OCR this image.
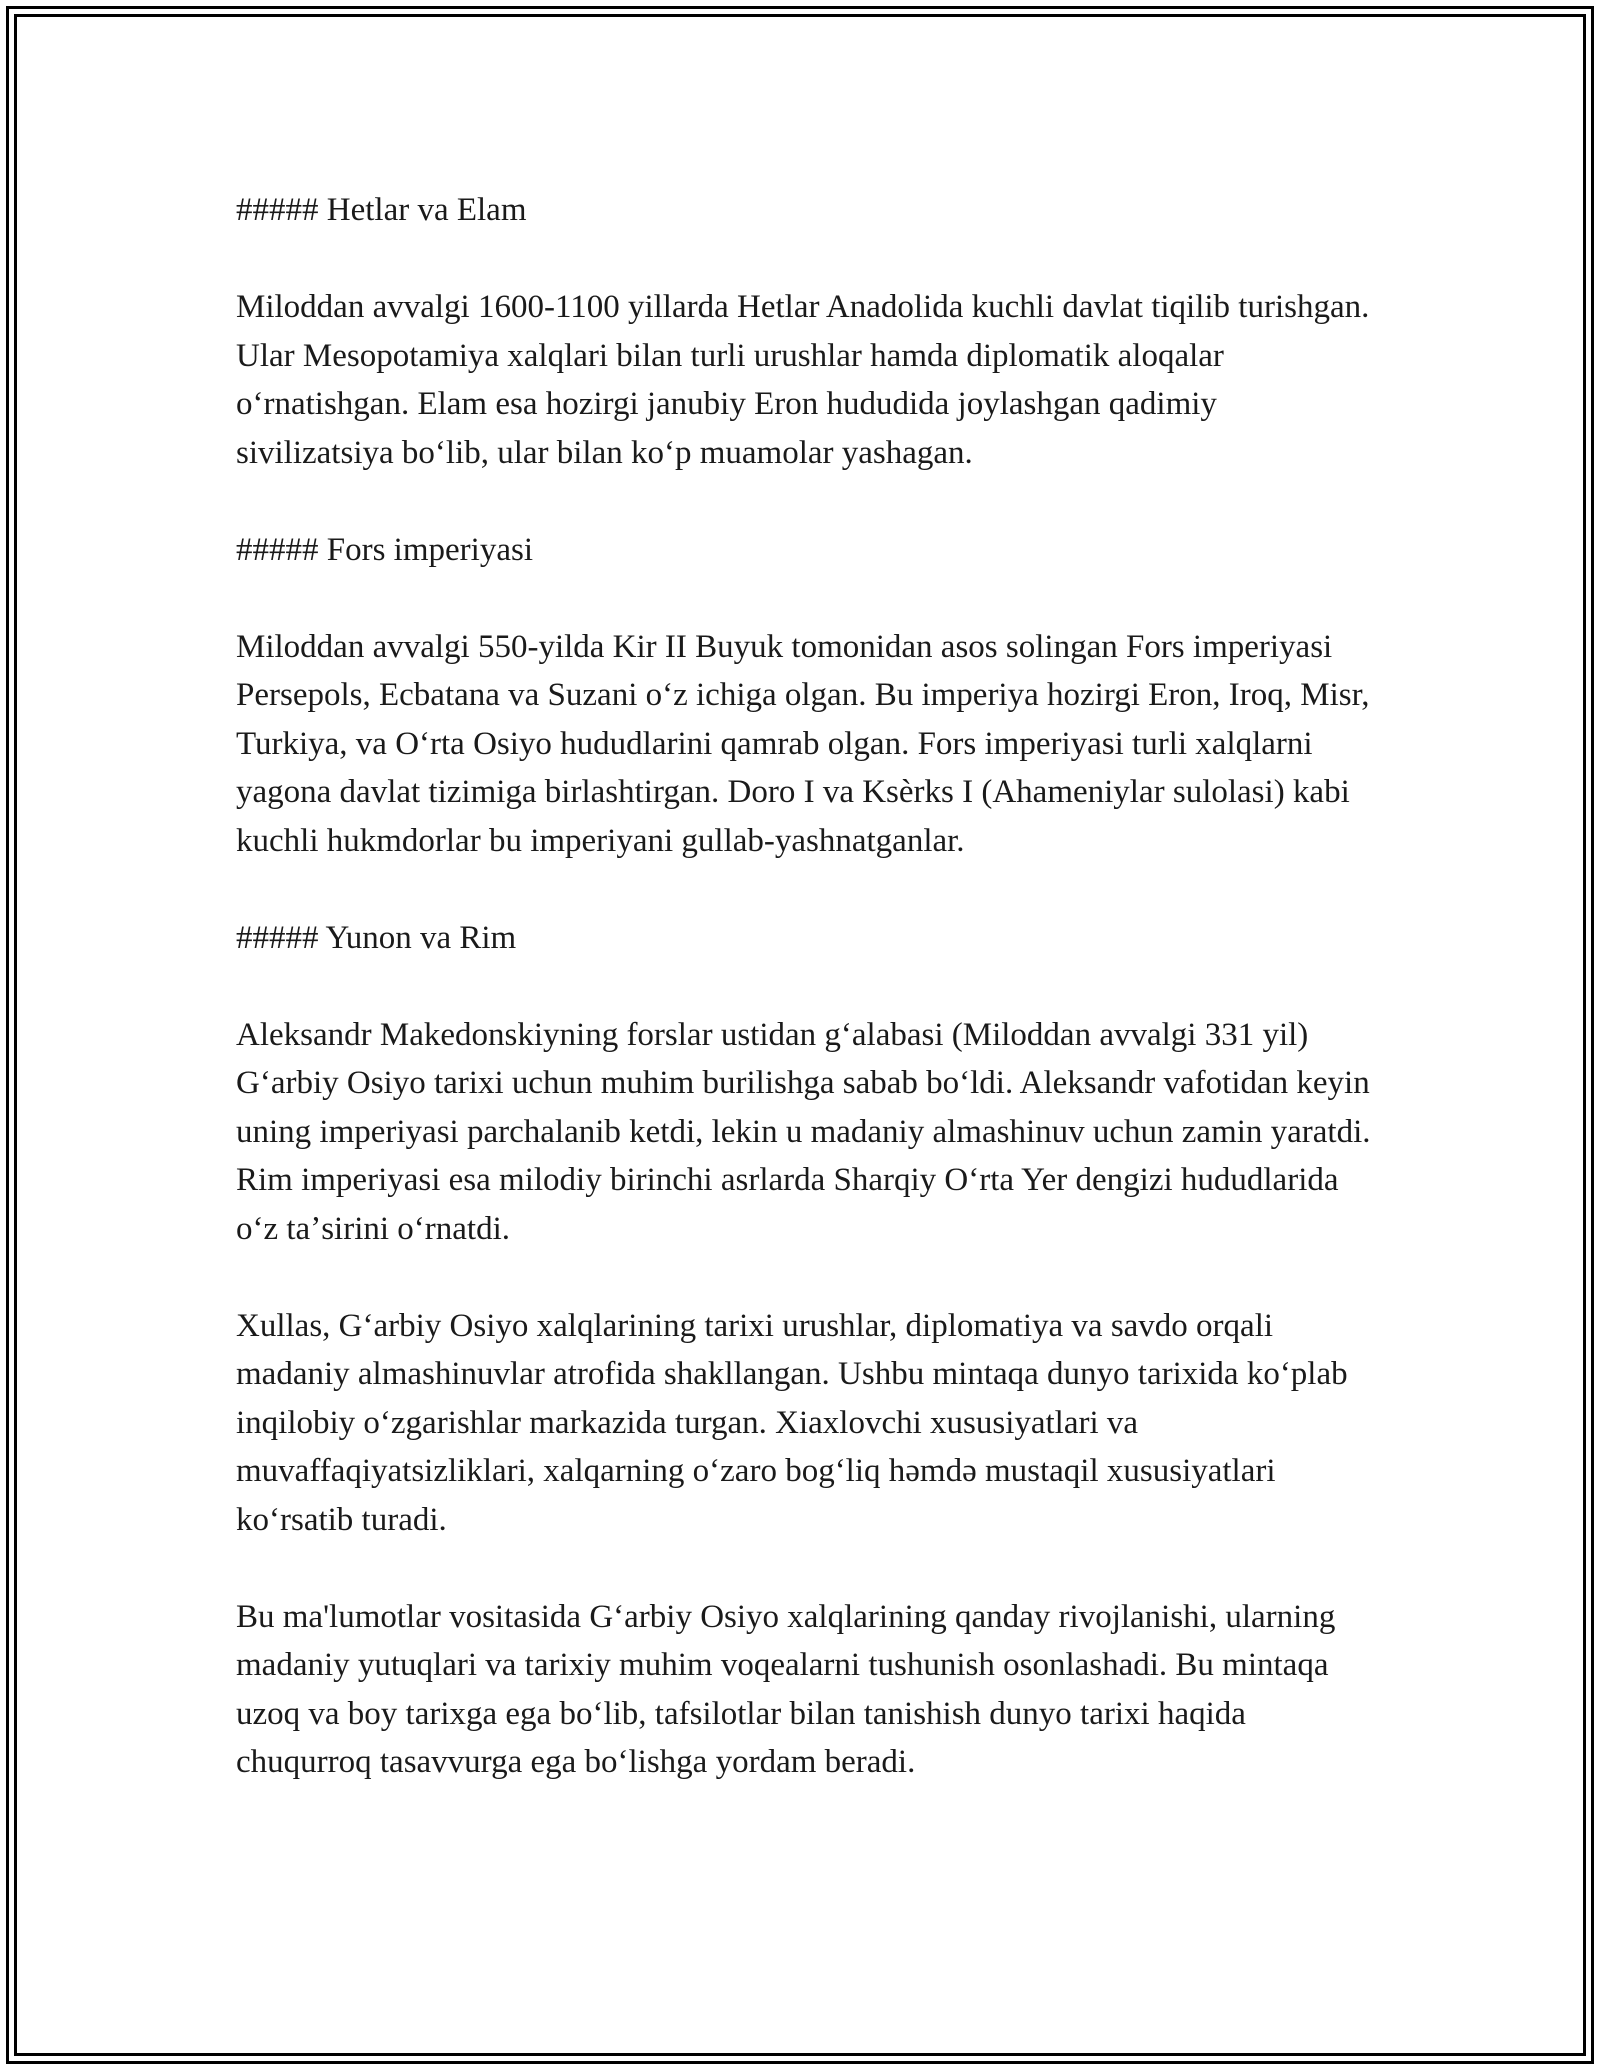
##### Hetlar va Elam

Miloddan avvalgi 1600-1100 yillarda Hetlar Anadolida kuchli davlat tiqilib turishgan. Ular Mesopotamiya xalqlari bilan turli urushlar hamda diplomatik aloqalar oʻrnatishgan. Elam esa hozirgi janubiy Eron hududida joylashgan qadimiy sivilizatsiya boʻlib, ular bilan koʻp muamolar yashagan.

##### Fors imperiyasi

Miloddan avvalgi 550-yilda Kir II Buyuk tomonidan asos solingan Fors imperiyasi Persepols, Ecbatana va Suzani oʻz ichiga olgan. Bu imperiya hozirgi Eron, Iroq, Misr, Turkiya, va Oʻrta Osiyo hududlarini qamrab olgan. Fors imperiyasi turli xalqlarni yagona davlat tizimiga birlashtirgan. Doro I va Ksèrks I (Ahameniylar sulolasi) kabi kuchli hukmdorlar bu imperiyani gullab-yashnatganlar.

##### Yunon va Rim

Aleksandr Makedonskiyning forslar ustidan gʻalabasi (Miloddan avvalgi 331 yil) Gʻarbiy Osiyo tarixi uchun muhim burilishga sabab boʻldi. Aleksandr vafotidan keyin uning imperiyasi parchalanib ketdi, lekin u madaniy almashinuv uchun zamin yaratdi. Rim imperiyasi esa milodiy birinchi asrlarda Sharqiy Oʻrta Yer dengizi hududlarida oʻz taʼsirini oʻrnatdi.

Xullas, Gʻarbiy Osiyo xalqlarining tarixi urushlar, diplomatiya va savdo orqali madaniy almashinuvlar atrofida shakllangan. Ushbu mintaqa dunyo tarixida koʻplab inqilobiy oʻzgarishlar markazida turgan. Xiaxlovchi xususiyatlari va muvaffaqiyatsizliklari, xalqarning oʻzaro bogʻliq həmdə mustaqil xususiyatlari koʻrsatib turadi.

Bu ma'lumotlar vositasida Gʻarbiy Osiyo xalqlarining qanday rivojlanishi, ularning madaniy yutuqlari va tarixiy muhim voqealarni tushunish osonlashadi. Bu mintaqa uzoq va boy tarixga ega boʻlib, tafsilotlar bilan tanishish dunyo tarixi haqida chuqurroq tasavvurga ega boʻlishga yordam beradi.
